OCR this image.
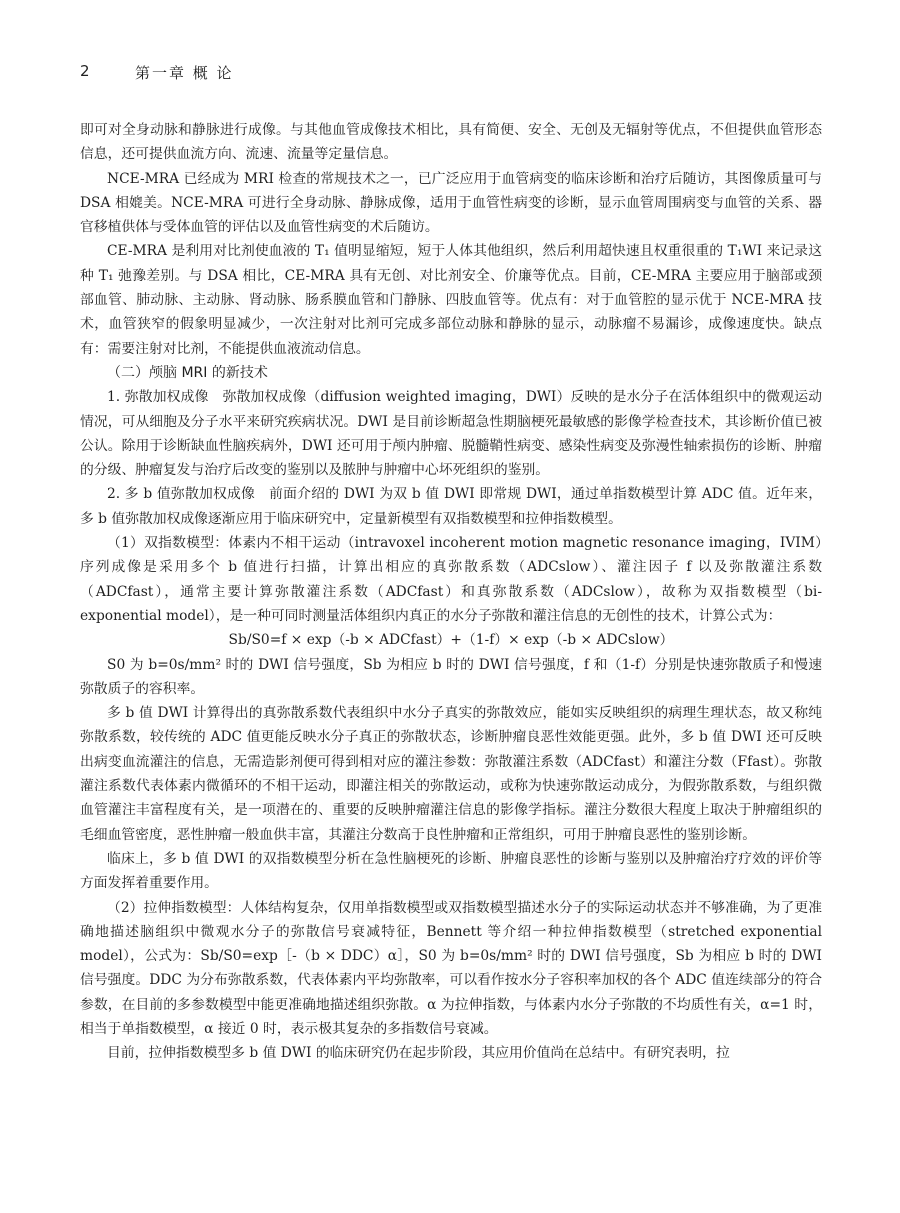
2	第一章 概 论

即可对全身动脉和静脉进行成像。与其他血管成像技术相比，具有简便、安全、无创及无辐射等优点，不但提供血管形态信息，还可提供血流方向、流速、流量等定量信息。

NCE-MRA 已经成为 MRI 检查的常规技术之一，已广泛应用于血管病变的临床诊断和治疗后随访，其图像质量可与 DSA 相媲美。NCE-MRA 可进行全身动脉、静脉成像，适用于血管性病变的诊断，显示血管周围病变与血管的关系、器官移植供体与受体血管的评估以及血管性病变的术后随访。

CE-MRA 是利用对比剂使血液的 T₁ 值明显缩短，短于人体其他组织，然后利用超快速且权重很重的 T₁WI 来记录这种 T₁ 弛豫差别。与 DSA 相比，CE-MRA 具有无创、对比剂安全、价廉等优点。目前，CE-MRA 主要应用于脑部或颈部血管、肺动脉、主动脉、肾动脉、肠系膜血管和门静脉、四肢血管等。优点有：对于血管腔的显示优于 NCE-MRA 技术，血管狭窄的假象明显减少，一次注射对比剂可完成多部位动脉和静脉的显示，动脉瘤不易漏诊，成像速度快。缺点有：需要注射对比剂，不能提供血液流动信息。

（二）颅脑 MRI 的新技术

1. 弥散加权成像　弥散加权成像（diffusion weighted imaging，DWI）反映的是水分子在活体组织中的微观运动情况，可从细胞及分子水平来研究疾病状况。DWI 是目前诊断超急性期脑梗死最敏感的影像学检查技术，其诊断价值已被公认。除用于诊断缺血性脑疾病外，DWI 还可用于颅内肿瘤、脱髓鞘性病变、感染性病变及弥漫性轴索损伤的诊断、肿瘤的分级、肿瘤复发与治疗后改变的鉴别以及脓肿与肿瘤中心坏死组织的鉴别。

2. 多 b 值弥散加权成像　前面介绍的 DWI 为双 b 值 DWI 即常规 DWI，通过单指数模型计算 ADC 值。近年来，多 b 值弥散加权成像逐渐应用于临床研究中，定量新模型有双指数模型和拉伸指数模型。

（1）双指数模型：体素内不相干运动（intravoxel incoherent motion magnetic resonance imaging，IVIM）序列成像是采用多个 b 值进行扫描，计算出相应的真弥散系数（ADCslow）、灌注因子 f 以及弥散灌注系数（ADCfast），通常主要计算弥散灌注系数（ADCfast）和真弥散系数（ADCslow），故称为双指数模型（bi-exponential model），是一种可同时测量活体组织内真正的水分子弥散和灌注信息的无创性的技术，计算公式为：

Sb/S0=f × exp（-b × ADCfast）+（1-f）× exp（-b × ADCslow）

S0 为 b=0s/mm² 时的 DWI 信号强度，Sb 为相应 b 时的 DWI 信号强度，f 和（1-f）分别是快速弥散质子和慢速弥散质子的容积率。

多 b 值 DWI 计算得出的真弥散系数代表组织中水分子真实的弥散效应，能如实反映组织的病理生理状态，故又称纯弥散系数，较传统的 ADC 值更能反映水分子真正的弥散状态，诊断肿瘤良恶性效能更强。此外，多 b 值 DWI 还可反映出病变血流灌注的信息，无需造影剂便可得到相对应的灌注参数：弥散灌注系数（ADCfast）和灌注分数（Ffast）。弥散灌注系数代表体素内微循环的不相干运动，即灌注相关的弥散运动，或称为快速弥散运动成分，为假弥散系数，与组织微血管灌注丰富程度有关，是一项潜在的、重要的反映肿瘤灌注信息的影像学指标。灌注分数很大程度上取决于肿瘤组织的毛细血管密度，恶性肿瘤一般血供丰富，其灌注分数高于良性肿瘤和正常组织，可用于肿瘤良恶性的鉴别诊断。

临床上，多 b 值 DWI 的双指数模型分析在急性脑梗死的诊断、肿瘤良恶性的诊断与鉴别以及肿瘤治疗疗效的评价等方面发挥着重要作用。

（2）拉伸指数模型：人体结构复杂，仅用单指数模型或双指数模型描述水分子的实际运动状态并不够准确，为了更准确地描述脑组织中微观水分子的弥散信号衰减特征，Bennett 等介绍一种拉伸指数模型（stretched exponential model），公式为：Sb/S0=exp［-（b × DDC）α］，S0 为 b=0s/mm² 时的 DWI 信号强度，Sb 为相应 b 时的 DWI 信号强度。DDC 为分布弥散系数，代表体素内平均弥散率，可以看作按水分子容积率加权的各个 ADC 值连续部分的符合参数，在目前的多参数模型中能更准确地描述组织弥散。α 为拉伸指数，与体素内水分子弥散的不均质性有关，α=1 时，相当于单指数模型，α 接近 0 时，表示极其复杂的多指数信号衰减。

目前，拉伸指数模型多 b 值 DWI 的临床研究仍在起步阶段，其应用价值尚在总结中。有研究表明，拉
